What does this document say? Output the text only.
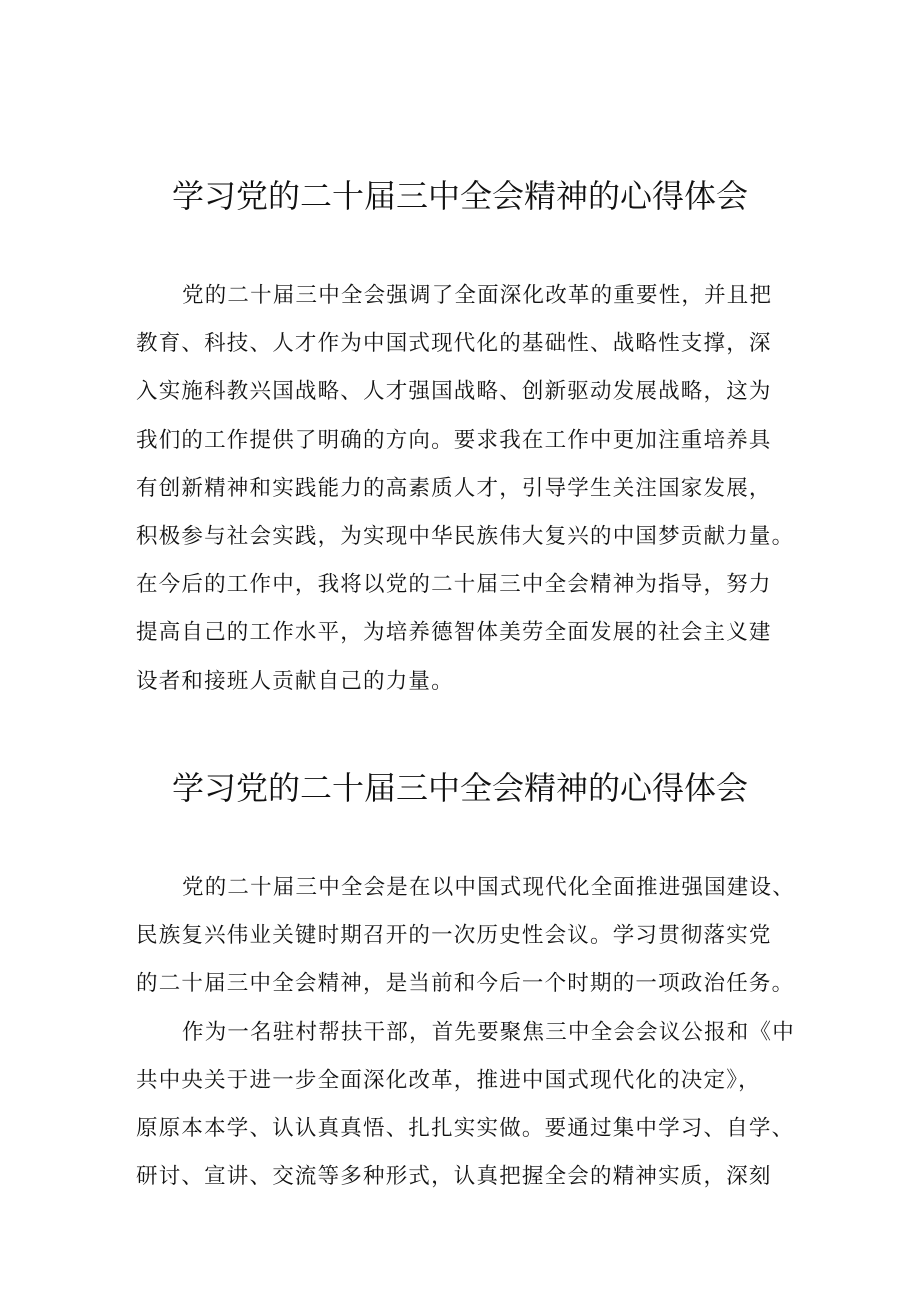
学习党的二十届三中全会精神的心得体会

党的二十届三中全会强调了全面深化改革的重要性，并且把

教育、科技、人才作为中国式现代化的基础性、战略性支撑，深

入实施科教兴国战略、人才强国战略、创新驱动发展战略，这为

我们的工作提供了明确的方向。要求我在工作中更加注重培养具

有创新精神和实践能力的高素质人才，引导学生关注国家发展，

积极参与社会实践，为实现中华民族伟大复兴的中国梦贡献力量。

在今后的工作中，我将以党的二十届三中全会精神为指导，努力

提高自己的工作水平，为培养德智体美劳全面发展的社会主义建

设者和接班人贡献自己的力量。

学习党的二十届三中全会精神的心得体会

党的二十届三中全会是在以中国式现代化全面推进强国建设、

民族复兴伟业关键时期召开的一次历史性会议。学习贯彻落实党

的二十届三中全会精神，是当前和今后一个时期的一项政治任务。

作为一名驻村帮扶干部，首先要聚焦三中全会会议公报和《中

共中央关于进一步全面深化改革，推进中国式现代化的决定》，

原原本本学、认认真真悟、扎扎实实做。要通过集中学习、自学、

研讨、宣讲、交流等多种形式，认真把握全会的精神实质，深刻
